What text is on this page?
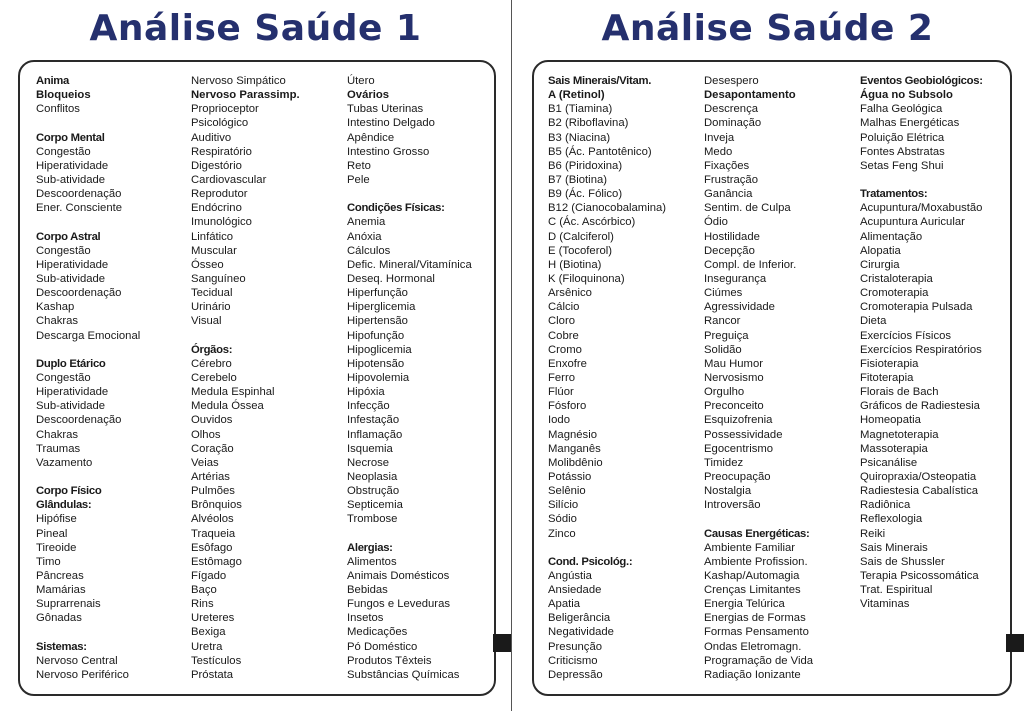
Análise Saúde 1
Anima
Bloqueios
Conflitos
Corpo Mental
Congestão
Hiperatividade
Sub-atividade
Descoordenação
Ener. Consciente
Corpo Astral
Congestão
Hiperatividade
Sub-atividade
Descoordenação
Kashap
Chakras
Descarga Emocional
Duplo Etárico
Congestão
Hiperatividade
Sub-atividade
Descoordenação
Chakras
Traumas
Vazamento
Corpo Físico
Glândulas:
Hipófise
Pineal
Tireoide
Timo
Pâncreas
Mamárias
Suprarrenais
Gônadas
Sistemas:
Nervoso Central
Nervoso Periférico
Nervoso Simpático
Nervoso Parassimp.
Proprioceptor
Psicológico
Auditivo
Respiratório
Digestório
Cardiovascular
Reprodutor
Endócrino
Imunológico
Linfático
Muscular
Ósseo
Sanguíneo
Tecidual
Urinário
Visual
Órgãos:
Cérebro
Cerebelo
Medula Espinhal
Medula Óssea
Ouvidos
Olhos
Coração
Veias
Artérias
Pulmões
Brônquios
Alvéolos
Traqueia
Esôfago
Estômago
Fígado
Baço
Rins
Ureteres
Bexiga
Uretra
Testículos
Próstata
Útero
Ovários
Tubas Uterinas
Intestino Delgado
Apêndice
Intestino Grosso
Reto
Pele
Condições Físicas:
Anemia
Anóxia
Cálculos
Defic. Mineral/Vitamínica
Deseq. Hormonal
Hiperfunção
Hiperglicemia
Hipertensão
Hipofunção
Hipoglicemia
Hipotensão
Hipovolemia
Hipóxia
Infecção
Infestação
Inflamação
Isquemia
Necrose
Neoplasia
Obstrução
Septicemia
Trombose
Alergias:
Alimentos
Animais Domésticos
Bebidas
Fungos e Leveduras
Insetos
Medicações
Pó Doméstico
Produtos Têxteis
Substâncias Químicas
Análise Saúde 2
Sais Minerais/Vitam.
A (Retinol)
B1 (Tiamina)
B2 (Riboflavina)
B3 (Niacina)
B5 (Ác. Pantotênico)
B6 (Piridoxina)
B7 (Biotina)
B9 (Ác. Fólico)
B12 (Cianocobalamina)
C (Ác. Ascórbico)
D (Calciferol)
E (Tocoferol)
H (Biotina)
K (Filoquinona)
Arsênico
Cálcio
Cloro
Cobre
Cromo
Enxofre
Ferro
Flúor
Fósforo
Iodo
Magnésio
Manganês
Molibdênio
Potássio
Selênio
Silício
Sódio
Zinco
Cond. Psicológ.:
Angústia
Ansiedade
Apatia
Beligerância
Negatividade
Presunção
Criticismo
Depressão
Desespero
Desapontamento
Descrença
Dominação
Inveja
Medo
Fixações
Frustração
Ganância
Sentim. de Culpa
Ódio
Hostilidade
Decepção
Compl. de Inferior.
Insegurança
Ciúmes
Agressividade
Rancor
Preguiça
Solidão
Mau Humor
Nervosismo
Orgulho
Preconceito
Esquizofrenia
Possessividade
Egocentrismo
Timidez
Preocupação
Nostalgia
Introversão
Causas Energéticas:
Ambiente Familiar
Ambiente Profission.
Kashap/Automagia
Crenças Limitantes
Energia Telúrica
Energias de Formas
Formas Pensamento
Ondas Eletromagn.
Programação de Vida
Radiação Ionizante
Eventos Geobiológicos:
Água no Subsolo
Falha Geológica
Malhas Energéticas
Poluição Elétrica
Fontes Abstratas
Setas Feng Shui
Tratamentos:
Acupuntura/Moxabustão
Acupuntura Auricular
Alimentação
Alopatia
Cirurgia
Cristaloterapia
Cromoterapia
Cromoterapia Pulsada
Dieta
Exercícios Físicos
Exercícios Respiratórios
Fisioterapia
Fitoterapia
Florais de Bach
Gráficos de Radiestesia
Homeopatia
Magnetoterapia
Massoterapia
Psicanálise
Quiropraxia/Osteopatia
Radiestesia Cabalística
Radiônica
Reflexologia
Reiki
Sais Minerais
Sais de Shussler
Terapia Psicossomática
Trat. Espiritual
Vitaminas
